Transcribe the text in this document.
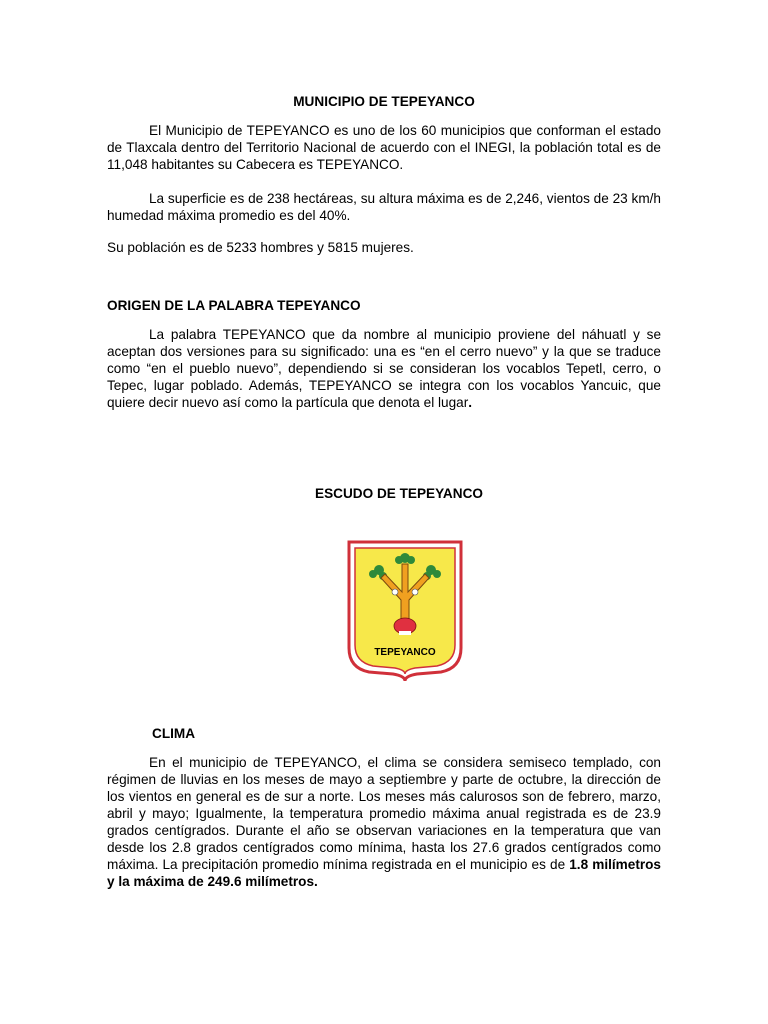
MUNICIPIO DE TEPEYANCO

El Municipio de TEPEYANCO es uno de los 60 municipios que conforman el estado de Tlaxcala dentro del Territorio Nacional de acuerdo con el INEGI, la población total es de 11,048 habitantes su Cabecera es TEPEYANCO.

La superficie es de 238 hectáreas, su altura máxima es de 2,246, vientos de 23 km/h humedad máxima promedio es del 40%.

Su población es de 5233 hombres y 5815 mujeres.

ORIGEN DE LA PALABRA TEPEYANCO

La palabra TEPEYANCO que da nombre al municipio proviene del náhuatl y se aceptan dos versiones para su significado: una es “en el cerro nuevo” y la que se traduce como “en el pueblo nuevo”, dependiendo si se consideran los vocablos Tepetl, cerro, o Tepec, lugar poblado. Además, TEPEYANCO se integra con los vocablos Yancuic, que quiere decir nuevo así como la partícula que denota el lugar.

ESCUDO DE TEPEYANCO
TEPEYANCO
CLIMA

En el municipio de TEPEYANCO, el clima se considera semiseco templado, con régimen de lluvias en los meses de mayo a septiembre y parte de octubre, la dirección de los vientos en general es de sur a norte. Los meses más calurosos son de febrero, marzo, abril y mayo; Igualmente, la temperatura promedio máxima anual registrada es de 23.9 grados centígrados. Durante el año se observan variaciones en la temperatura que van desde los 2.8 grados centígrados como mínima, hasta los 27.6 grados centígrados como máxima. La precipitación promedio mínima registrada en el municipio es de 1.8 milímetros y la máxima de 249.6 milímetros.
